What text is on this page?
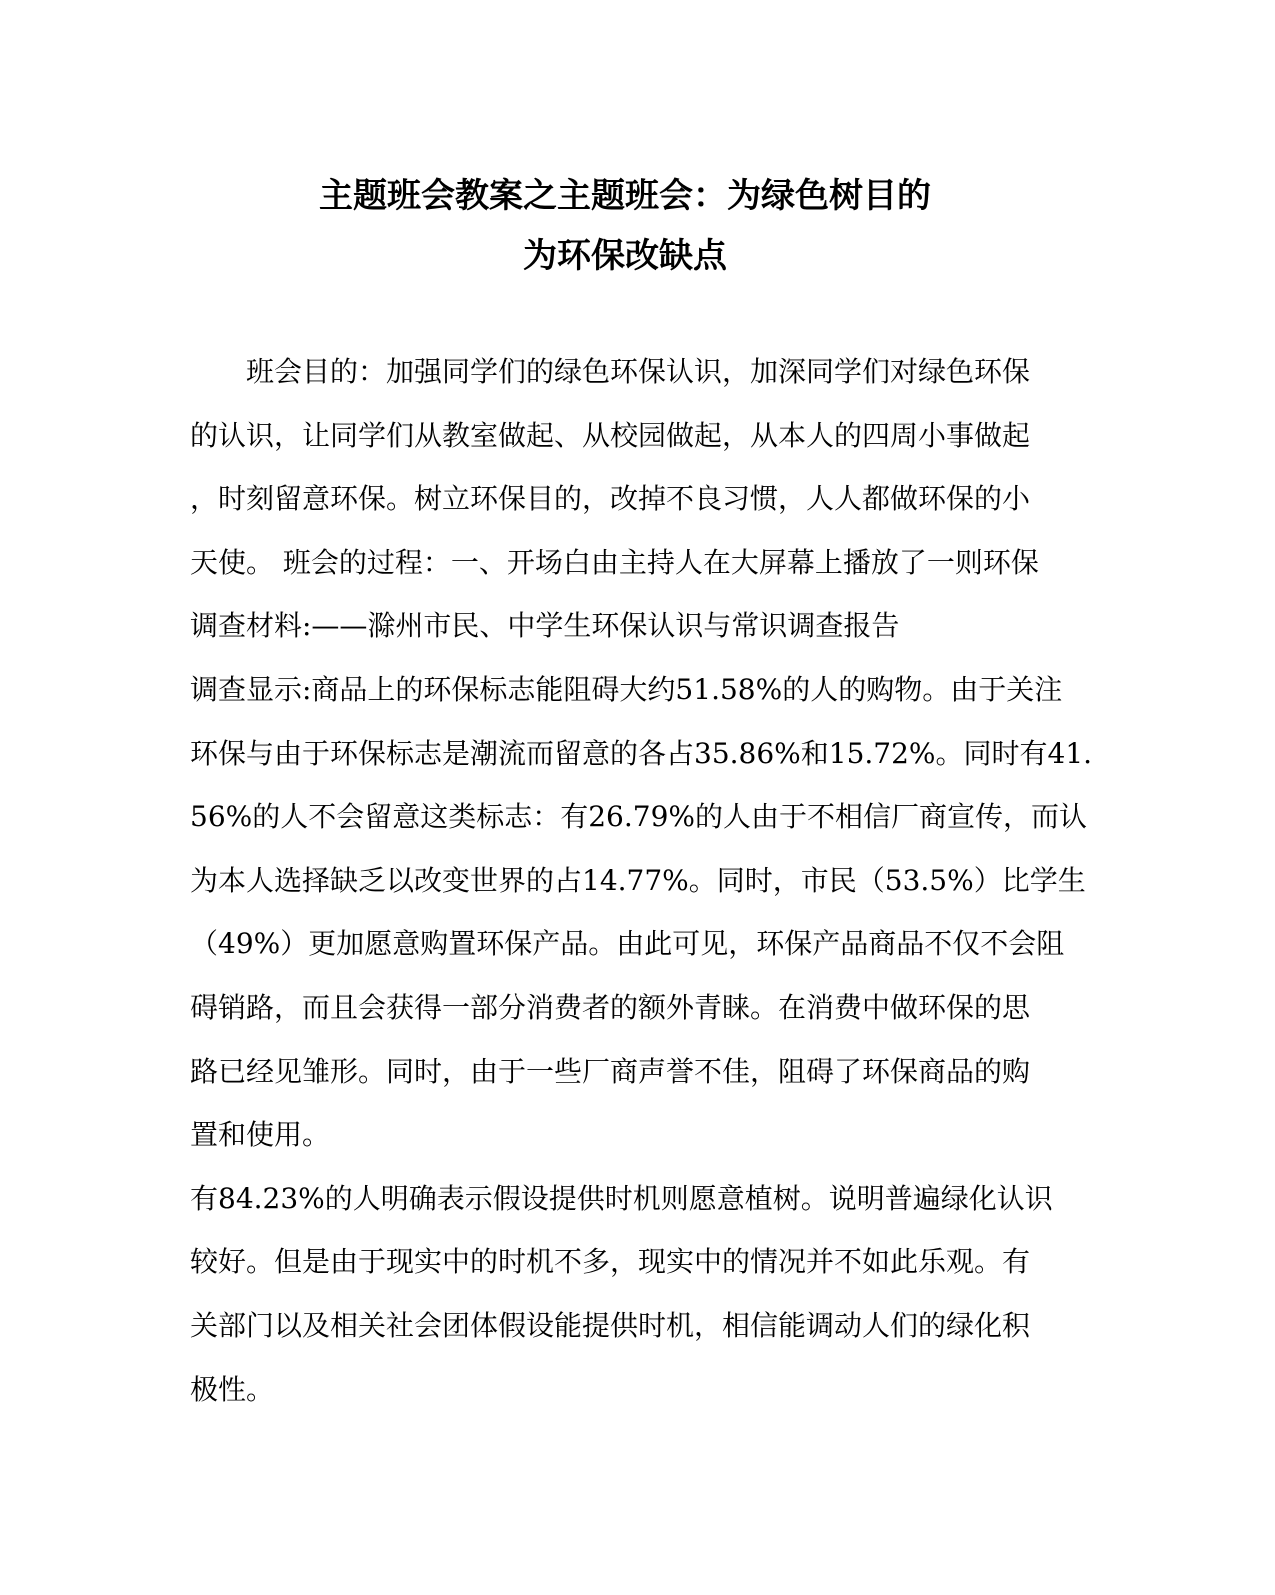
主题班会教案之主题班会：为绿色树目的
为环保改缺点
班会目的：加强同学们的绿色环保认识，加深同学们对绿色环保
的认识，让同学们从教室做起、从校园做起，从本人的四周小事做起
，时刻留意环保。树立环保目的，改掉不良习惯，人人都做环保的小
天使。 班会的过程：一、开场白由主持人在大屏幕上播放了一则环保
调查材料:——滁州市民、中学生环保认识与常识调查报告
调查显示:商品上的环保标志能阻碍大约51.58%的人的购物。由于关注
环保与由于环保标志是潮流而留意的各占35.86%和15.72%。同时有41.
56%的人不会留意这类标志：有26.79%的人由于不相信厂商宣传，而认
为本人选择缺乏以改变世界的占14.77%。同时，市民（53.5%）比学生
（49%）更加愿意购置环保产品。由此可见，环保产品商品不仅不会阻
碍销路，而且会获得一部分消费者的额外青睐。在消费中做环保的思
路已经见雏形。同时，由于一些厂商声誉不佳，阻碍了环保商品的购
置和使用。
有84.23%的人明确表示假设提供时机则愿意植树。说明普遍绿化认识
较好。但是由于现实中的时机不多，现实中的情况并不如此乐观。有
关部门以及相关社会团体假设能提供时机，相信能调动人们的绿化积
极性。
